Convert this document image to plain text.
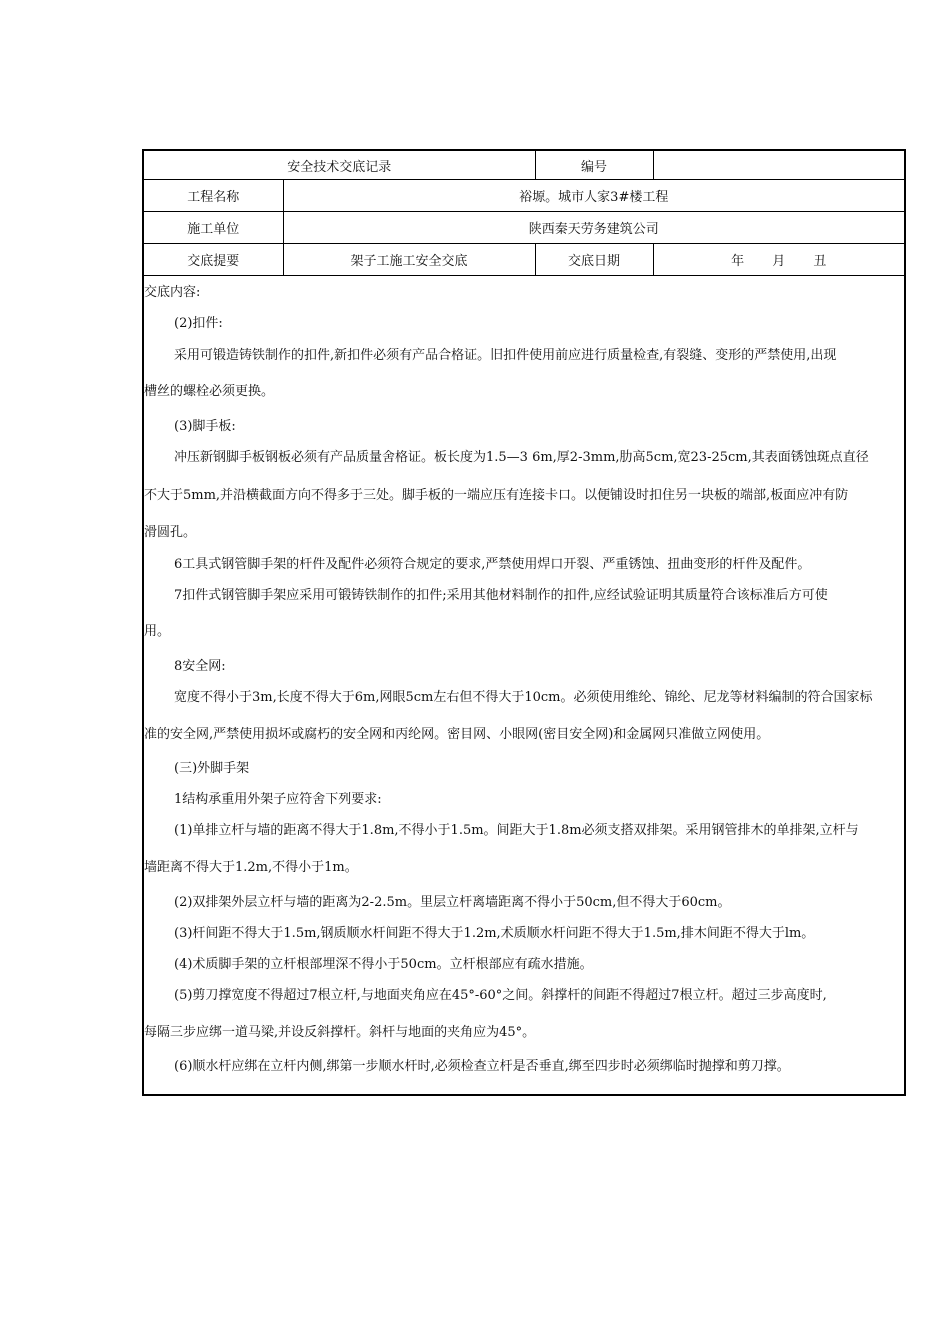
安全技术交底记录		编号	
工程名称	裕塬。城市人家3#楼工程		
施工单位	陕西秦天劳务建筑公司		
交底提要	架子工施工安全交底	交底日期	年 月 丑
交底内容:
(2)扣件:
采用可锻造铸铁制作的扣件,新扣件必须有产品合格证。旧扣件使用前应进行质量检查,有裂缝、变形的严禁使用,出现
槽丝的螺栓必须更换。
(3)脚手板:
冲压新钢脚手板钢板必须有产品质量舍格证。板长度为1.5—3 6m,厚2-3mm,肋高5cm,宽23-25cm,其表面锈蚀斑点直径
不大于5mm,并沿横截面方向不得多于三处。脚手板的一端应压有连接卡口。以便铺设时扣住另一块板的端部,板面应冲有防
滑圆孔。
6工具式钢管脚手架的杆件及配件必须符合规定的要求,严禁使用焊口开裂、严重锈蚀、扭曲变形的杆件及配件。
7扣件式钢管脚手架应采用可锻铸铁制作的扣件;采用其他材料制作的扣件,应经试验证明其质量符合该标准后方可使
用。
8安全网:
宽度不得小于3m,长度不得大于6m,网眼5cm左右但不得大于10cm。必须使用维纶、锦纶、尼龙等材料编制的符合国家标
准的安全网,严禁使用损坏或腐朽的安全网和丙纶网。密目网、小眼网(密目安全网)和金属网只准做立网使用。
(三)外脚手架
1结构承重用外架子应符舍下列要求:
(1)单排立杆与墙的距离不得大于1.8m,不得小于1.5m。间距大于1.8m必须支搭双排架。采用钢管排木的单排架,立杆与
墙距离不得大于1.2m,不得小于1m。
(2)双排架外层立杆与墙的距离为2-2.5m。里层立杆离墙距离不得小于50cm,但不得大于60cm。
(3)杆间距不得大于1.5m,钢质顺水杆间距不得大于1.2m,术质顺水杆问距不得大于1.5m,排木间距不得大于lm。
(4)术质脚手架的立杆根部埋深不得小于50cm。立杆根部应有疏水措施。
(5)剪刀撑宽度不得超过7根立杆,与地面夹角应在45°-60°之间。斜撑杆的间距不得超过7根立杆。超过三步高度时,
每隔三步应绑一道马梁,并设反斜撑杆。斜杆与地面的夹角应为45°。
(6)顺水杆应绑在立杆内侧,绑第一步顺水杆时,必须检查立杆是否垂直,绑至四步时必须绑临时抛撑和剪刀撑。
